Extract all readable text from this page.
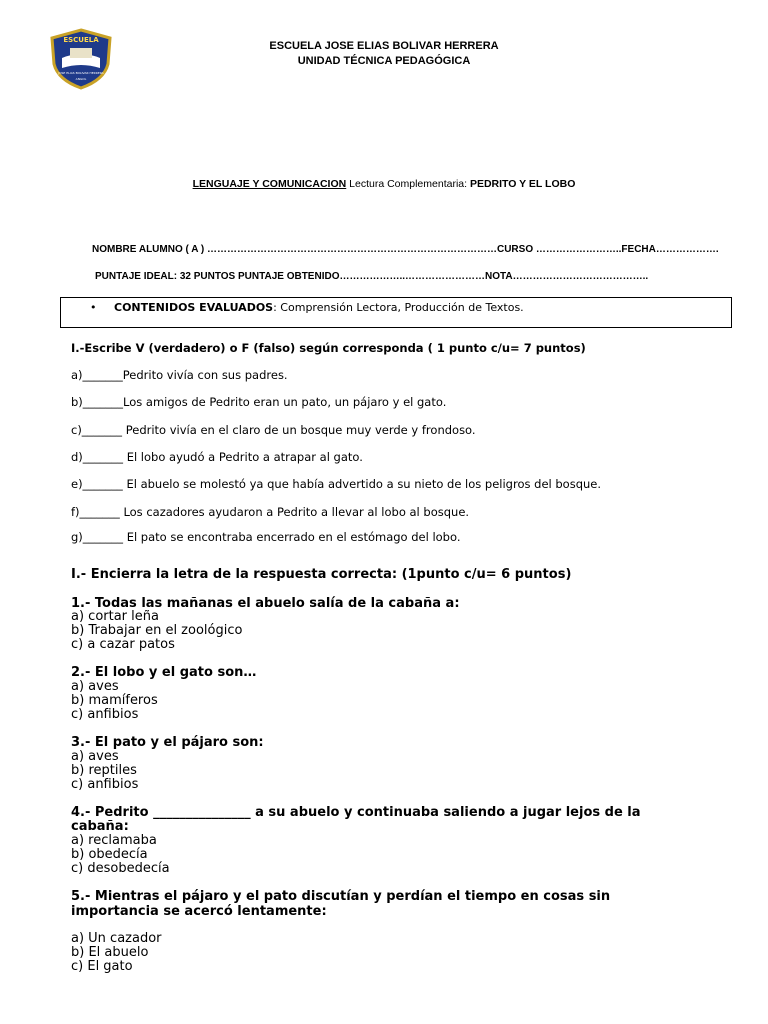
ESCUELA
JOSE ELIAS BOLIVAR HERRERA
ANGOL
ESCUELA JOSE ELIAS BOLIVAR HERRERA
UNIDAD TÉCNICA PEDAGÓGICA
LENGUAJE Y COMUNICACION Lectura Complementaria: PEDRITO Y EL LOBO
NOMBRE ALUMNO ( A ) ……………………………………………………………………………CURSO ……………………..FECHA……………….
PUNTAJE IDEAL: 32 PUNTOS PUNTAJE OBTENIDO………………..……………………NOTA…………………………………..
• CONTENIDOS EVALUADOS: Comprensión Lectora, Producción de Textos.
I.-Escribe V (verdadero) o F (falso) según corresponda ( 1 punto c/u= 7 puntos)
a)_______Pedrito vivía con sus padres.
b)_______Los amigos de Pedrito eran un pato, un pájaro y el gato.
c)_______ Pedrito vivía en el claro de un bosque muy verde y frondoso.
d)_______ El lobo ayudó a Pedrito a atrapar al gato.
e)_______ El abuelo se molestó ya que había advertido a su nieto de los peligros del bosque.
f)_______ Los cazadores ayudaron a Pedrito a llevar al lobo al bosque.
g)_______ El pato se encontraba encerrado en el estómago del lobo.
I.- Encierra la letra de la respuesta correcta: (1punto c/u= 6 puntos)
1.- Todas las mañanas el abuelo salía de la cabaña a:
a) cortar leña
b) Trabajar en el zoológico
c) a cazar patos
2.- El lobo y el gato son…
a) aves
b) mamíferos
c) anfibios
3.- El pato y el pájaro son:
a) aves
b) reptiles
c) anfibios
4.- Pedrito _______________ a su abuelo y continuaba saliendo a jugar lejos de la
cabaña:
a) reclamaba
b) obedecía
c) desobedecía
5.- Mientras el pájaro y el pato discutían y perdían el tiempo en cosas sin
importancia se acercó lentamente:
a) Un cazador
b) El abuelo
c) El gato
